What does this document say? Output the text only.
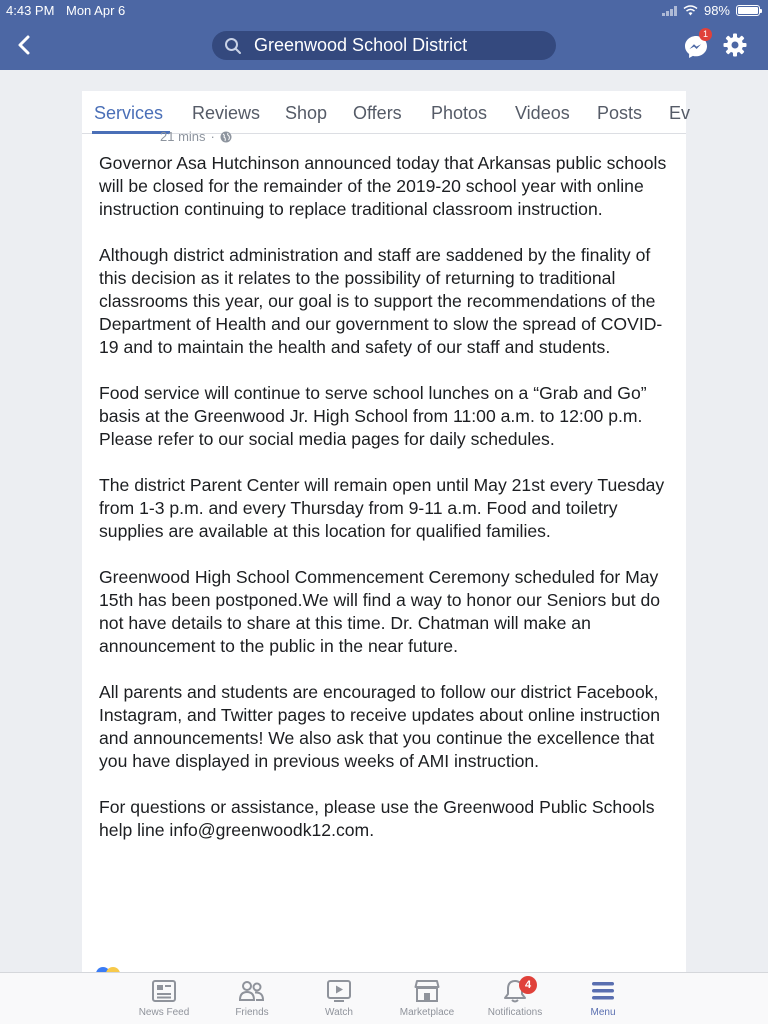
4:43 PM Mon Apr 6	98%
Greenwood School District
1
Services Reviews Shop Offers Photos Videos Posts Ev
21 mins ·

Governor Asa Hutchinson announced today that Arkansas public schools will be closed for the remainder of the 2019-20 school year with online instruction continuing to replace traditional classroom instruction.

Although district administration and staff are saddened by the finality of this decision as it relates to the possibility of returning to traditional classrooms this year, our goal is to support the recommendations of the Department of Health and our government to slow the spread of COVID-19 and to maintain the health and safety of our staff and students.

Food service will continue to serve school lunches on a “Grab and Go” basis at the Greenwood Jr. High School from 11:00 a.m. to 12:00 p.m. Please refer to our social media pages for daily schedules.

The district Parent Center will remain open until May 21st every Tuesday from 1-3 p.m. and every Thursday from 9-11 a.m. Food and toiletry supplies are available at this location for qualified families.

Greenwood High School Commencement Ceremony scheduled for May 15th has been postponed.We will find a way to honor our Seniors but do not have details to share at this time. Dr. Chatman will make an announcement to the public in the near future.

All parents and students are encouraged to follow our district Facebook, Instagram, and Twitter pages to receive updates about online instruction and announcements! We also ask that you continue the excellence that you have displayed in previous weeks of AMI instruction.

For questions or assistance, please use the Greenwood Public Schools help line info@greenwoodk12.com.

News Feed	Friends	Watch	Marketplace
4
Notifications	Menu
